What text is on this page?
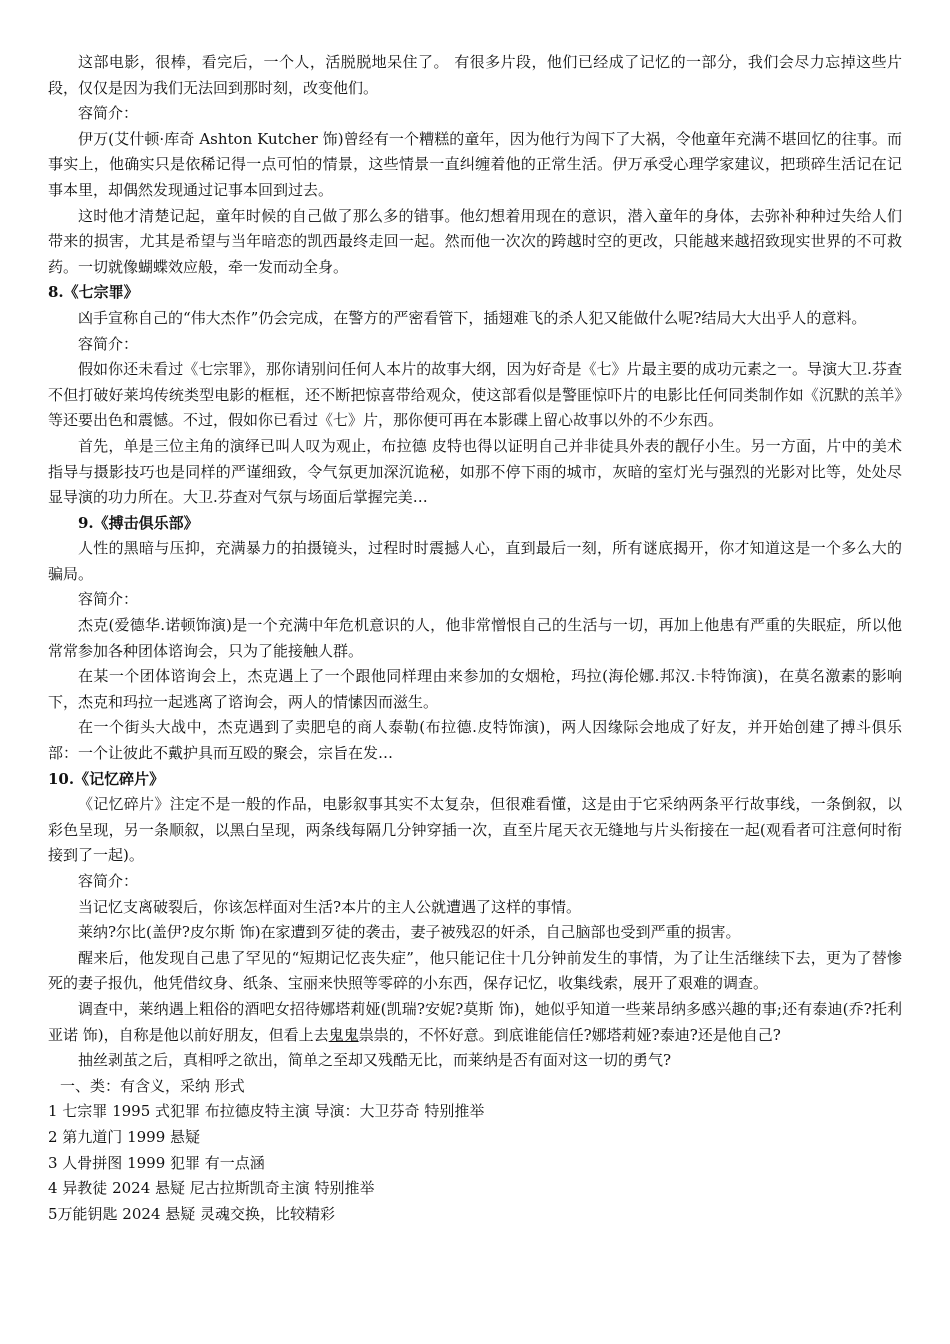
这部电影，很棒，看完后，一个人，活脱脱地呆住了。 有很多片段，他们已经成了记忆的一部分，我们会尽力忘掉这些片段，仅仅是因为我们无法回到那时刻，改变他们。

容简介：

伊万(艾什顿·库奇 Ashton Kutcher 饰)曾经有一个糟糕的童年，因为他行为闯下了大祸，令他童年充满不堪回忆的往事。而事实上，他确实只是依稀记得一点可怕的情景，这些情景一直纠缠着他的正常生活。伊万承受心理学家建议，把琐碎生活记在记事本里，却偶然发现通过记事本回到过去。

这时他才清楚记起，童年时候的自己做了那么多的错事。他幻想着用现在的意识，潜入童年的身体，去弥补种种过失给人们带来的损害，尤其是希望与当年暗恋的凯西最终走回一起。然而他一次次的跨越时空的更改，只能越来越招致现实世界的不可救药。一切就像蝴蝶效应般，牵一发而动全身。

8.《七宗罪》

凶手宣称自己的“伟大杰作”仍会完成，在警方的严密看管下，插翅难飞的杀人犯又能做什么呢?结局大大出乎人的意料。

容简介：

假如你还未看过《七宗罪》，那你请别问任何人本片的故事大纲，因为好奇是《七》片最主要的成功元素之一。导演大卫.芬查不但打破好莱坞传统类型电影的框框，还不断把惊喜带给观众，使这部看似是警匪惊吓片的电影比任何同类制作如《沉默的羔羊》等还要出色和震憾。不过，假如你已看过《七》片，那你便可再在本影碟上留心故事以外的不少东西。

首先，单是三位主角的演绎已叫人叹为观止，布拉德 皮特也得以证明自己并非徒具外表的靓仔小生。另一方面，片中的美术指导与摄影技巧也是同样的严谨细致，令气氛更加深沉诡秘，如那不停下雨的城市，灰暗的室灯光与强烈的光影对比等，处处尽显导演的功力所在。大卫.芬查对气氛与场面后掌握完美…

9.《搏击俱乐部》

人性的黑暗与压抑，充满暴力的拍摄镜头，过程时时震撼人心，直到最后一刻，所有谜底揭开，你才知道这是一个多么大的骗局。

容简介：

杰克(爱德华.诺顿饰演)是一个充满中年危机意识的人，他非常憎恨自己的生活与一切，再加上他患有严重的失眠症，所以他常常参加各种团体谘询会，只为了能接触人群。

在某一个团体谘询会上，杰克遇上了一个跟他同样理由来参加的女烟枪，玛拉(海伦娜.邦汉.卡特饰演)，在莫名激素的影响下，杰克和玛拉一起逃离了谘询会，两人的情愫因而滋生。

在一个街头大战中，杰克遇到了卖肥皂的商人泰勒(布拉德.皮特饰演)，两人因缘际会地成了好友，并开始创建了搏斗俱乐部：一个让彼此不戴护具而互殴的聚会，宗旨在发…

10.《记忆碎片》

《记忆碎片》注定不是一般的作品，电影叙事其实不太复杂，但很难看懂，这是由于它采纳两条平行故事线，一条倒叙，以彩色呈现，另一条顺叙，以黑白呈现，两条线每隔几分钟穿插一次，直至片尾天衣无缝地与片头衔接在一起(观看者可注意何时衔接到了一起)。

容简介：

当记忆支离破裂后，你该怎样面对生活?本片的主人公就遭遇了这样的事情。

莱纳?尔比(盖伊?皮尔斯 饰)在家遭到歹徒的袭击，妻子被残忍的奸杀，自己脑部也受到严重的损害。

醒来后，他发现自己患了罕见的“短期记忆丧失症”，他只能记住十几分钟前发生的事情，为了让生活继续下去，更为了替惨死的妻子报仇，他凭借纹身、纸条、宝丽来快照等零碎的小东西，保存记忆，收集线索，展开了艰难的调查。

调查中，莱纳遇上粗俗的酒吧女招待娜塔莉娅(凯瑞?安妮?莫斯 饰)，她似乎知道一些莱昂纳多感兴趣的事;还有泰迪(乔?托利亚诺 饰)，自称是他以前好朋友，但看上去鬼鬼祟祟的，不怀好意。到底谁能信任?娜塔莉娅?泰迪?还是他自己?

抽丝剥茧之后，真相呼之欲出，简单之至却又残酷无比，而莱纳是否有面对这一切的勇气?

一、类：有含义，采纳 形式

1 七宗罪 1995 式犯罪 布拉德皮特主演 导演：大卫芬奇 特别推举

2 第九道门 1999 悬疑

3 人骨拼图 1999 犯罪 有一点涵

4 异教徒 2024 悬疑 尼古拉斯凯奇主演 特别推举

5万能钥匙 2024 悬疑 灵魂交换，比较精彩
